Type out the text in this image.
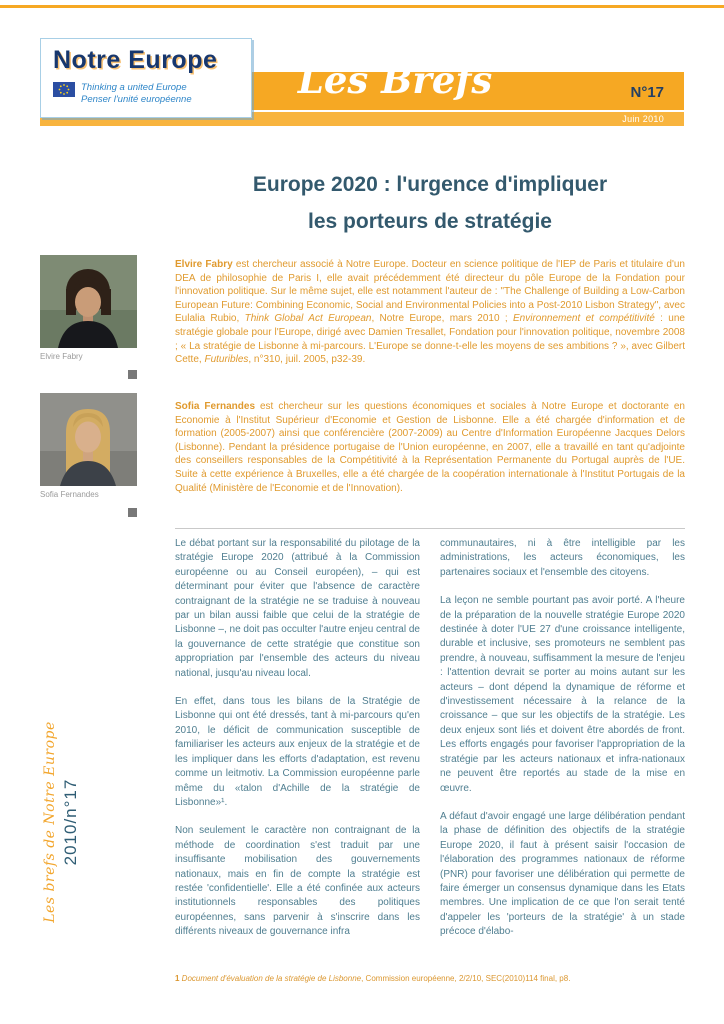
Les Brefs	N°17
Juin 2010
Notre Europe
Thinking a united Europe
Penser l'unité européenne
Europe 2020 : l'urgence d'impliquer
les porteurs de stratégie
Elvire Fabry
Sofia Fernandes

Elvire Fabry est chercheur associé à Notre Europe. Docteur en science politique de l'IEP de Paris et titulaire d'un DEA de philosophie de Paris I, elle avait précédemment été directeur du pôle Europe de la Fondation pour l'innovation politique. Sur le même sujet, elle est notamment l'auteur de : "The Challenge of Building a Low-Carbon European Future: Combining Economic, Social and Environmental Policies into a Post-2010 Lisbon Strategy", avec Eulalia Rubio, Think Global Act European, Notre Europe, mars 2010 ; Environnement et compétitivité : une stratégie globale pour l'Europe, dirigé avec Damien Tresallet, Fondation pour l'innovation politique, novembre 2008 ; « La stratégie de Lisbonne à mi-parcours. L'Europe se donne-t-elle les moyens de ses ambitions ? », avec Gilbert Cette, Futuribles, n°310, juil. 2005, p32-39.

Sofia Fernandes est chercheur sur les questions économiques et sociales à Notre Europe et doctorante en Economie à l'Institut Supérieur d'Economie et Gestion de Lisbonne. Elle a été chargée d'information et de formation (2005-2007) ainsi que conférencière (2007-2009) au Centre d'Information Européenne Jacques Delors (Lisbonne). Pendant la présidence portugaise de l'Union européenne, en 2007, elle a travaillé en tant qu'adjointe des conseillers responsables de la Compétitivité à la Représentation Permanente du Portugal auprès de l'UE. Suite à cette expérience à Bruxelles, elle a été chargée de la coopération internationale à l'Institut Portugais de la Qualité (Ministère de l'Economie et de l'Innovation).

Le débat portant sur la responsabilité du pilotage de la stratégie Europe 2020 (attribué à la Commission européenne ou au Conseil européen), – qui est déterminant pour éviter que l'absence de caractère contraignant de la stratégie ne se traduise à nouveau par un bilan aussi faible que celui de la stratégie de Lisbonne –, ne doit pas occulter l'autre enjeu central de la gouvernance de cette stratégie que constitue son appropriation par l'ensemble des acteurs du niveau national, jusqu'au niveau local.

En effet, dans tous les bilans de la Stratégie de Lisbonne qui ont été dressés, tant à mi-parcours qu'en 2010, le déficit de communication susceptible de familiariser les acteurs aux enjeux de la stratégie et de les impliquer dans les efforts d'adaptation, est revenu comme un leitmotiv. La Commission européenne parle même du «talon d'Achille de la stratégie de Lisbonne»¹.

Non seulement le caractère non contraignant de la méthode de coordination s'est traduit par une insuffisante mobilisation des gouvernements nationaux, mais en fin de compte la stratégie est restée 'confidentielle'. Elle a été confinée aux acteurs institutionnels responsables des politiques européennes, sans parvenir à s'inscrire dans les différents niveaux de gouvernance infra

communautaires, ni à être intelligible par les administrations, les acteurs économiques, les partenaires sociaux et l'ensemble des citoyens.

La leçon ne semble pourtant pas avoir porté. A l'heure de la préparation de la nouvelle stratégie Europe 2020 destinée à doter l'UE 27 d'une croissance intelligente, durable et inclusive, ses promoteurs ne semblent pas prendre, à nouveau, suffisamment la mesure de l'enjeu : l'attention devrait se porter au moins autant sur les acteurs – dont dépend la dynamique de réforme et d'investissement nécessaire à la relance de la croissance – que sur les objectifs de la stratégie. Les deux enjeux sont liés et doivent être abordés de front. Les efforts engagés pour favoriser l'appropriation de la stratégie par les acteurs nationaux et infra-nationaux ne peuvent être reportés au stade de la mise en œuvre.

A défaut d'avoir engagé une large délibération pendant la phase de définition des objectifs de la stratégie Europe 2020, il faut à présent saisir l'occasion de l'élaboration des programmes nationaux de réforme (PNR) pour favoriser une délibération qui permette de faire émerger un consensus dynamique dans les Etats membres. Une implication de ce que l'on serait tenté d'appeler les 'porteurs de la stratégie' à un stade précoce d'élabo-

Les brefs de Notre Europe 2010/n°17

1 Document d'évaluation de la stratégie de Lisbonne, Commission européenne, 2/2/10, SEC(2010)114 final, p8.
